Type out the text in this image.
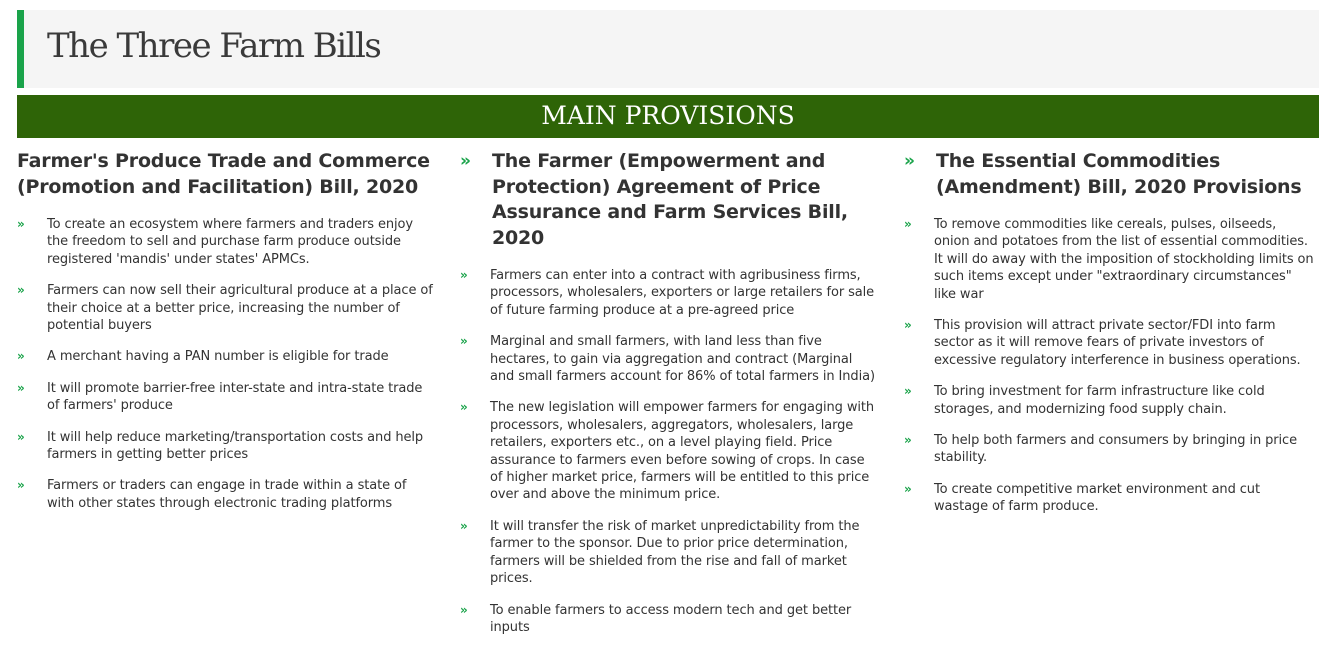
The Three Farm Bills
MAIN PROVISIONS
Farmer's Produce Trade and Commerce (Promotion and Facilitation) Bill, 2020
»	To create an ecosystem where farmers and traders enjoy the freedom to sell and purchase farm produce outside registered 'mandis' under states' APMCs.
»	Farmers can now sell their agricultural produce at a place of their choice at a better price, increasing the number of potential buyers
»	A merchant having a PAN number is eligible for trade
»	It will promote barrier-free inter-state and intra-state trade of farmers' produce
»	It will help reduce marketing/transportation costs and help farmers in getting better prices
»	Farmers or traders can engage in trade within a state of with other states through electronic trading platforms
»	The Farmer (Empowerment and Protection) Agreement of Price Assurance and Farm Services Bill, 2020
»	Farmers can enter into a contract with agribusiness firms, processors, wholesalers, exporters or large retailers for sale of future farming produce at a pre-agreed price
»	Marginal and small farmers, with land less than five hectares, to gain via aggregation and contract (Marginal and small farmers account for 86% of total farmers in India)
»	The new legislation will empower farmers for engaging with processors, wholesalers, aggregators, wholesalers, large retailers, exporters etc., on a level playing field. Price assurance to farmers even before sowing of crops. In case of higher market price, farmers will be entitled to this price over and above the minimum price.
»	It will transfer the risk of market unpredictability from the farmer to the sponsor. Due to prior price determination, farmers will be shielded from the rise and fall of market prices.
»	To enable farmers to access modern tech and get better inputs
»	The Essential Commodities (Amendment) Bill, 2020 Provisions
»	To remove commodities like cereals, pulses, oilseeds, onion and potatoes from the list of essential commodities. It will do away with the imposition of stockholding limits on such items except under "extraordinary circumstances" like war
»	This provision will attract private sector/FDI into farm sector as it will remove fears of private investors of excessive regulatory interference in business operations.
»	To bring investment for farm infrastructure like cold storages, and modernizing food supply chain.
»	To help both farmers and consumers by bringing in price stability.
»	To create competitive market environment and cut wastage of farm produce.
